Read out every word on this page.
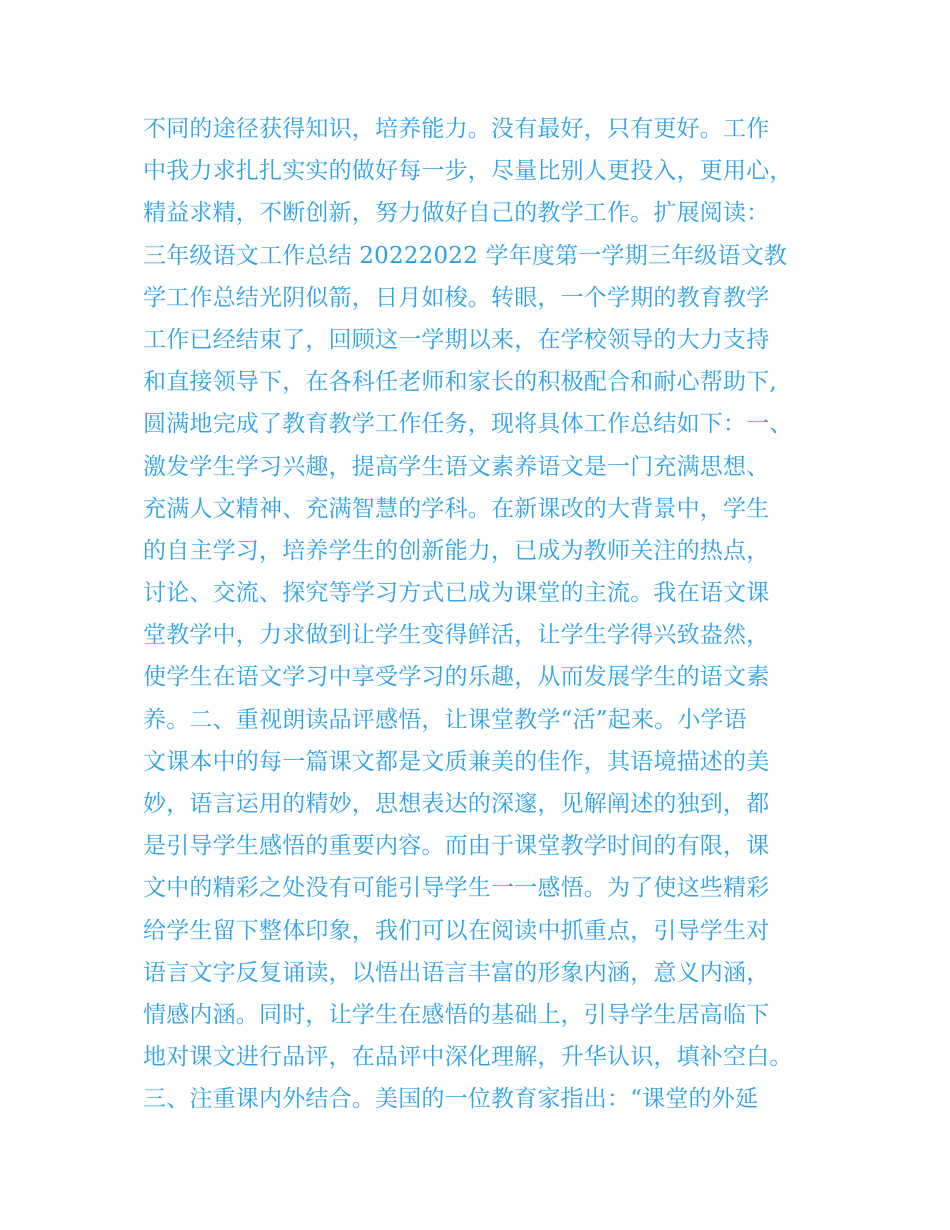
不同的途径获得知识，培养能力。没有最好，只有更好。工作
中我力求扎扎实实的做好每一步，尽量比别人更投入，更用心，
精益求精，不断创新，努力做好自己的教学工作。扩展阅读：
三年级语文工作总结 20222022 学年度第一学期三年级语文教
学工作总结光阴似箭，日月如梭。转眼，一个学期的教育教学
工作已经结束了，回顾这一学期以来，在学校领导的大力支持
和直接领导下，在各科任老师和家长的积极配合和耐心帮助下,
圆满地完成了教育教学工作任务，现将具体工作总结如下：一、
激发学生学习兴趣，提高学生语文素养语文是一门充满思想、
充满人文精神、充满智慧的学科。在新课改的大背景中，学生
的自主学习，培养学生的创新能力，已成为教师关注的热点，
讨论、交流、探究等学习方式已成为课堂的主流。我在语文课
堂教学中，力求做到让学生变得鲜活，让学生学得兴致盎然，
使学生在语文学习中享受学习的乐趣，从而发展学生的语文素
养。二、重视朗读品评感悟，让课堂教学“活”起来。小学语
文课本中的每一篇课文都是文质兼美的佳作，其语境描述的美
妙，语言运用的精妙，思想表达的深邃，见解阐述的独到，都
是引导学生感悟的重要内容。而由于课堂教学时间的有限，课
文中的精彩之处没有可能引导学生一一感悟。为了使这些精彩
给学生留下整体印象，我们可以在阅读中抓重点，引导学生对
语言文字反复诵读，以悟出语言丰富的形象内涵，意义内涵，
情感内涵。同时，让学生在感悟的基础上，引导学生居高临下
地对课文进行品评，在品评中深化理解，升华认识，填补空白。
三、注重课内外结合。美国的一位教育家指出：“课堂的外延
